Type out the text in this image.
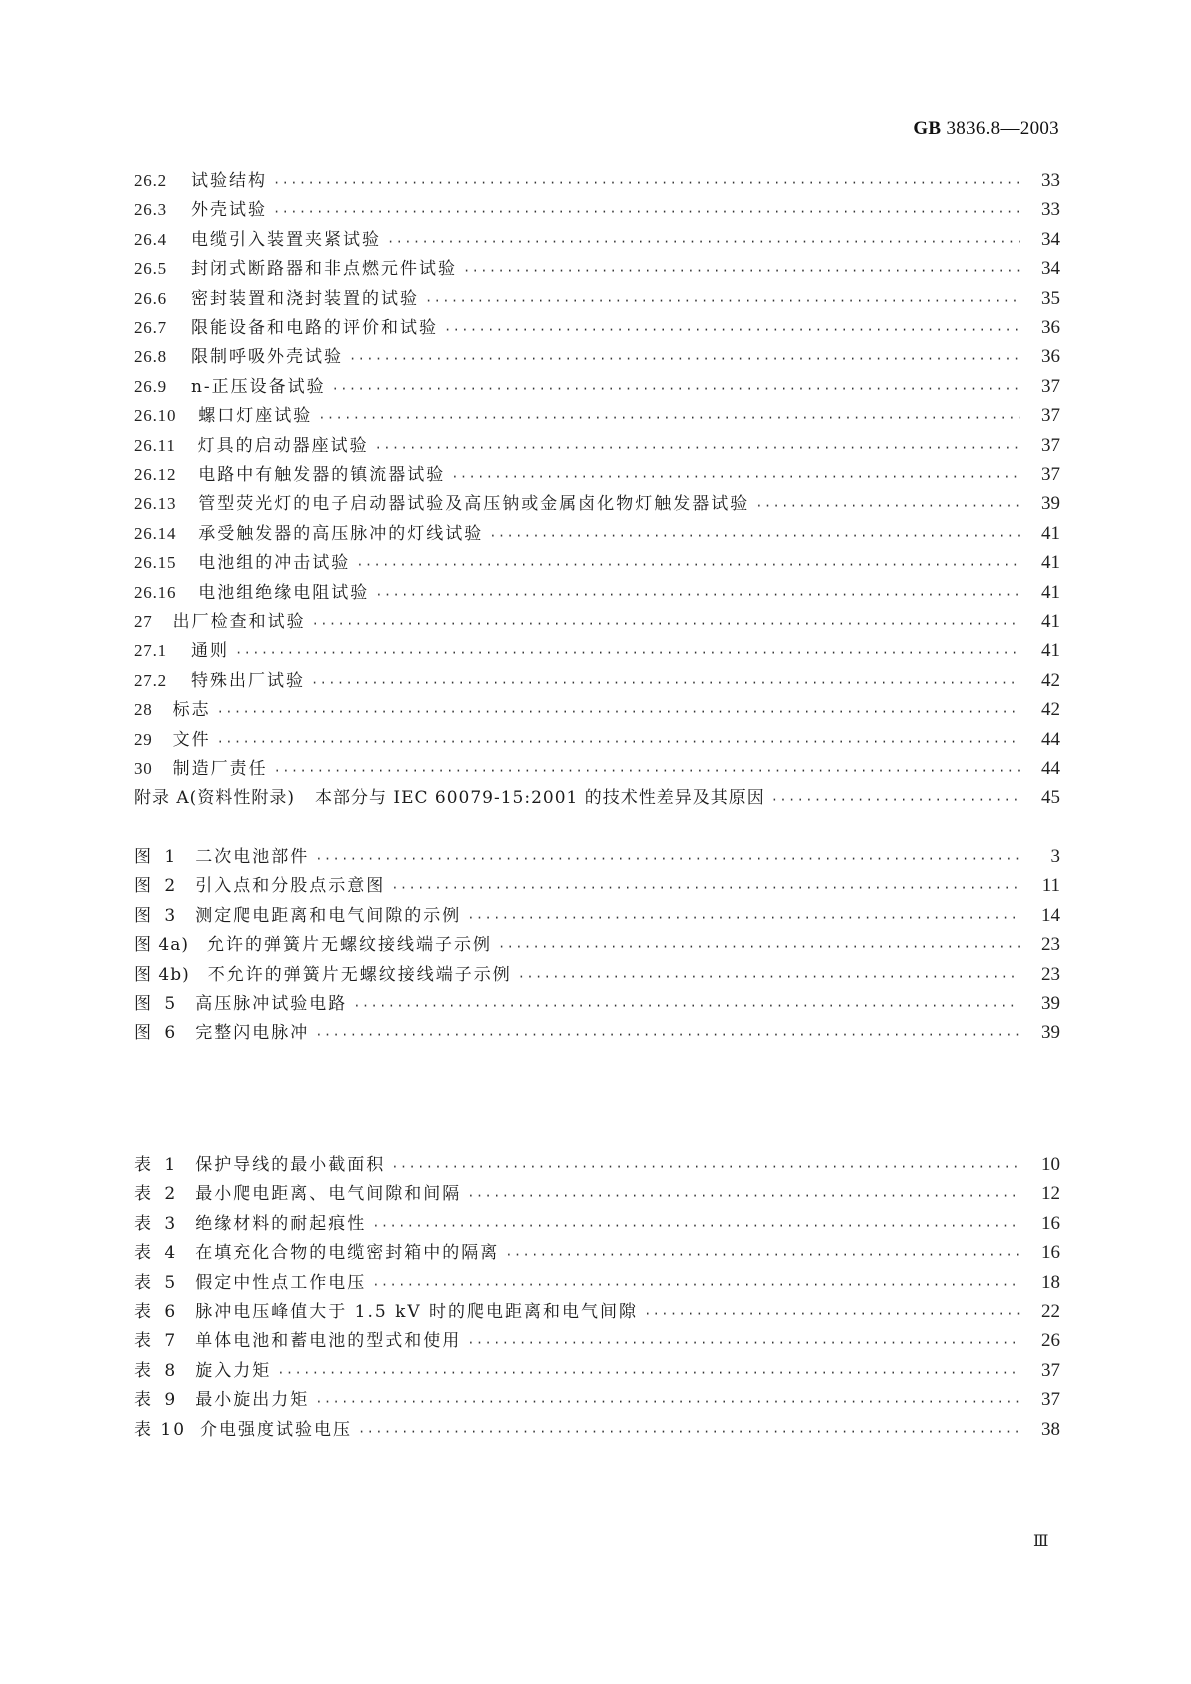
GB 3836.8—2003
26.2 试验结构 ·····	33
26.3 外壳试验 ·····	33
26.4 电缆引入装置夹紧试验 ·····	34
26.5 封闭式断路器和非点燃元件试验 ·····	34
26.6 密封装置和浇封装置的试验 ·····	35
26.7 限能设备和电路的评价和试验 ·····	36
26.8 限制呼吸外壳试验 ·····	36
26.9 n-正压设备试验 ·····	37
26.10 螺口灯座试验 ·····	37
26.11 灯具的启动器座试验 ·····	37
26.12 电路中有触发器的镇流器试验 ·····	37
26.13 管型荧光灯的电子启动器试验及高压钠或金属卤化物灯触发器试验 ·····	39
26.14 承受触发器的高压脉冲的灯线试验 ·····	41
26.15 电池组的冲击试验 ·····	41
26.16 电池组绝缘电阻试验 ·····	41
27 出厂检查和试验 ·····	41
27.1 通则 ·····	41
27.2 特殊出厂试验 ·····	42
28 标志 ·····	42
29 文件 ·····	44
30 制造厂责任 ·····	44
附录 A(资料性附录) 本部分与 IEC 60079-15:2001 的技术性差异及其原因 ·····	45
图 1 二次电池部件 ·····	3
图 2 引入点和分股点示意图 ·····	11
图 3 测定爬电距离和电气间隙的示例 ·····	14
图 4a) 允许的弹簧片无螺纹接线端子示例 ·····	23
图 4b) 不允许的弹簧片无螺纹接线端子示例 ·····	23
图 5 高压脉冲试验电路 ·····	39
图 6 完整闪电脉冲 ·····	39
表 1 保护导线的最小截面积 ·····	10
表 2 最小爬电距离、电气间隙和间隔 ·····	12
表 3 绝缘材料的耐起痕性 ·····	16
表 4 在填充化合物的电缆密封箱中的隔离 ·····	16
表 5 假定中性点工作电压 ·····	18
表 6 脉冲电压峰值大于 1.5 kV 时的爬电距离和电气间隙 ·····	22
表 7 单体电池和蓄电池的型式和使用 ·····	26
表 8 旋入力矩 ·····	37
表 9 最小旋出力矩 ·····	37
表 10 介电强度试验电压 ·····	38
Ⅲ
